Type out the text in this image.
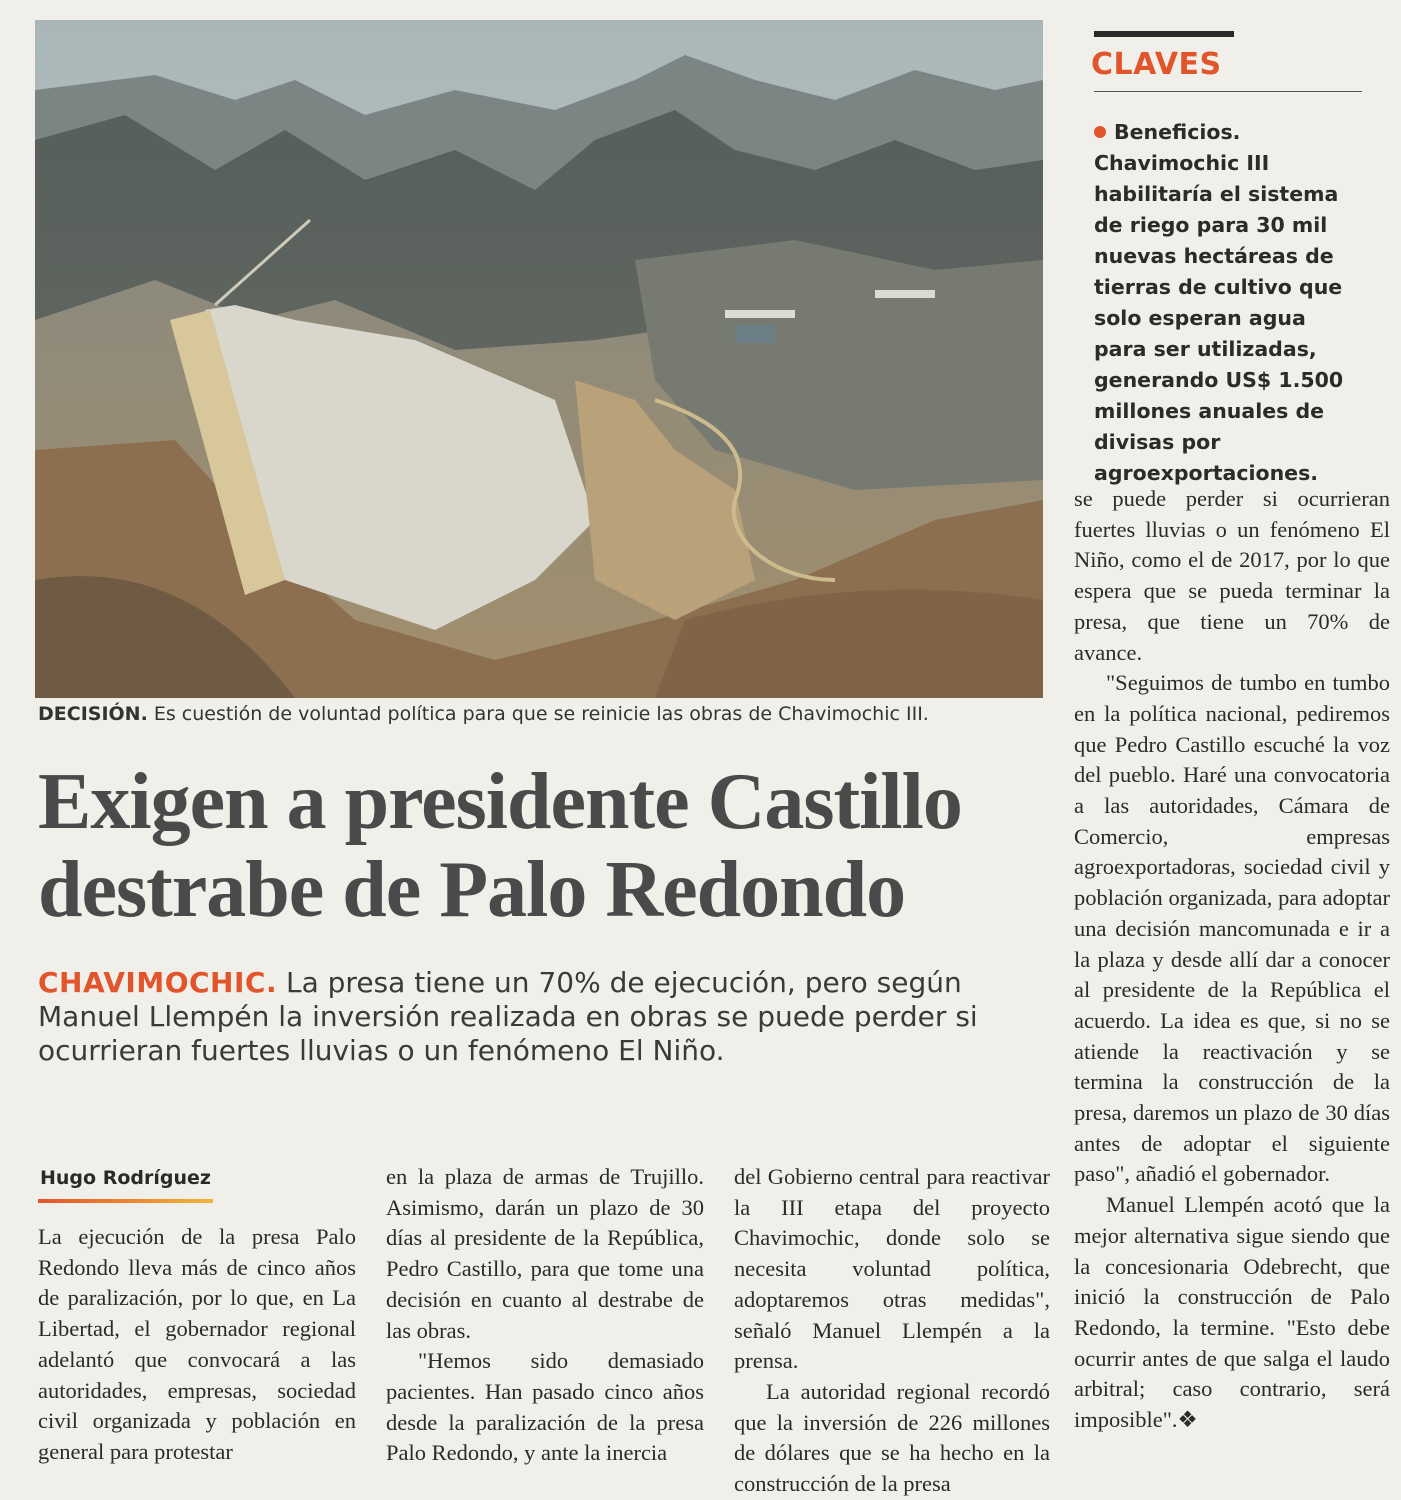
DECISIÓN. Es cuestión de voluntad política para que se reinicie las obras de Chavimochic III.
Exigen a presidente Castillo
destrabe de Palo Redondo
CHAVIMOCHIC. La presa tiene un 70% de ejecución, pero según Manuel Llempén la inversión realizada en obras se puede perder si ocurrieran fuertes lluvias o un fenómeno El Niño.
Hugo Rodríguez

La ejecución de la presa Palo Redondo lleva más de cinco años de paralización, por lo que, en La Libertad, el gobernador regional adelantó que convocará a las autoridades, empresas, sociedad civil organizada y población en general para protestar

en la plaza de armas de Trujillo. Asimismo, darán un plazo de 30 días al presidente de la República, Pedro Castillo, para que tome una decisión en cuanto al destrabe de las obras.

"Hemos sido demasiado pacientes. Han pasado cinco años desde la paralización de la presa Palo Redondo, y ante la inercia

del Gobierno central para reactivar la III etapa del proyecto Chavimochic, donde solo se necesita voluntad política, adoptaremos otras medidas", señaló Manuel Llempén a la prensa.

La autoridad regional recordó que la inversión de 226 millones de dólares que se ha hecho en la construcción de la presa

CLAVES
Beneficios. Chavimochic III habilitaría el sistema de riego para 30 mil nuevas hectáreas de tierras de cultivo que solo esperan agua para ser utilizadas, generando US$ 1.500 millones anuales de divisas por agroexportaciones.

se puede perder si ocurrieran fuertes lluvias o un fenómeno El Niño, como el de 2017, por lo que espera que se pueda terminar la presa, que tiene un 70% de avance.

"Seguimos de tumbo en tumbo en la política nacional, pediremos que Pedro Castillo escuché la voz del pueblo. Haré una convocatoria a las autoridades, Cámara de Comercio, empresas agroexportadoras, sociedad civil y población organizada, para adoptar una decisión mancomunada e ir a la plaza y desde allí dar a conocer al presidente de la República el acuerdo. La idea es que, si no se atiende la reactivación y se termina la construcción de la presa, daremos un plazo de 30 días antes de adoptar el siguiente paso", añadió el gobernador.

Manuel Llempén acotó que la mejor alternativa sigue siendo que la concesionaria Odebrecht, que inició la construcción de Palo Redondo, la termine. "Esto debe ocurrir antes de que salga el laudo arbitral; caso contrario, será imposible".❖
